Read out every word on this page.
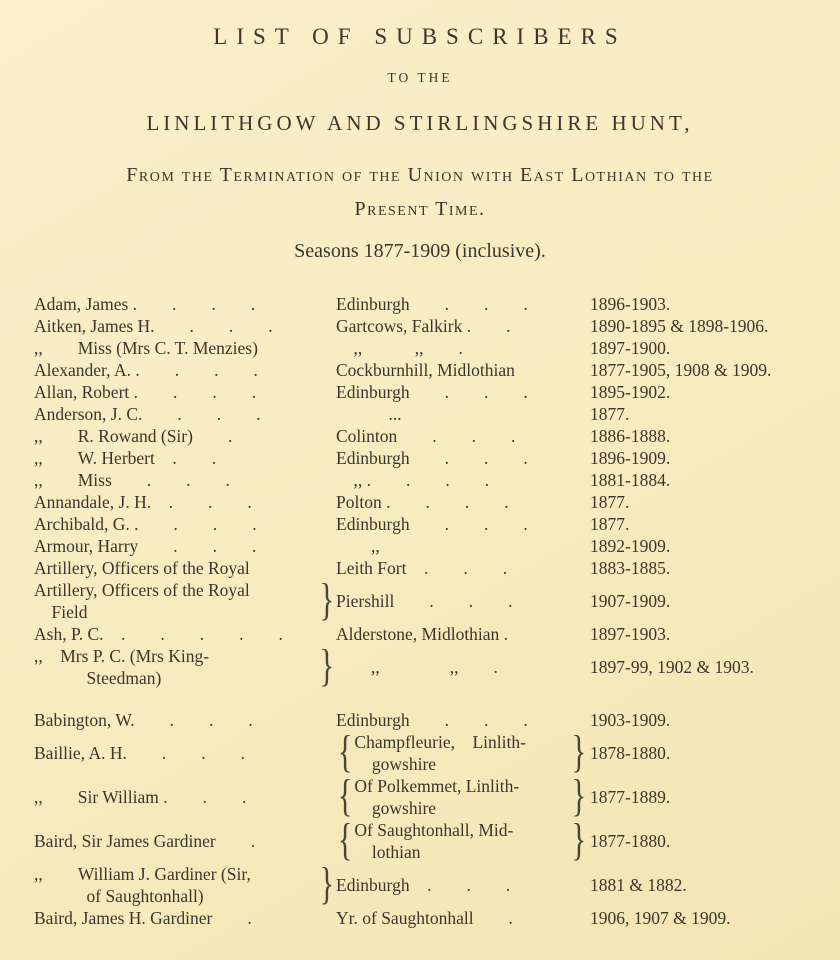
LIST OF SUBSCRIBERS
TO THE
LINLITHGOW AND STIRLINGSHIRE HUNT,
From the Termination of the Union with East Lothian to the
Present Time.
Seasons 1877-1909 (inclusive).
Adam, James .  .  .  .	Edinburgh  .  .  .	1896-1903.
Aitken, James H.  .  .  .	Gartcows, Falkirk .  .	1890-1895 & 1898-1906.
,,  Miss (Mrs C. T. Menzies)	 ,,   ,,  .	1897-1900.
Alexander, A. .  .  .  .	Cockburnhill, Midlothian	1877-1905, 1908 & 1909.
Allan, Robert .  .  .  .	Edinburgh  .  .  .	1895-1902.
Anderson, J. C.  .  .  .	   ...	1877.
,,  R. Rowand (Sir)  .	Colinton  .  .  .	1886-1888.
,,  W. Herbert .  .	Edinburgh  .  .  .	1896-1909.
,,  Miss  .  .  .	 ,, .  .  .  .	1881-1884.
Annandale, J. H. .  .  .	Polton .  .  .  .	1877.
Archibald, G. .  .  .  .	Edinburgh  .  .  .	1877.
Armour, Harry  .  .  .	  ,,	1892-1909.
Artillery, Officers of the Royal	Leith Fort .  .  .	1883-1885.
Artillery, Officers of the Royal
 Field	} Piershill  .  .  .	1907-1909.
Ash, P. C. .  .  .  .  .	Alderstone, Midlothian .	1897-1903.
,, Mrs P. C. (Mrs King-
   Steedman)	}   ,,    ,,  .	1897-99, 1902 & 1903.
Babington, W.  .  .  .	Edinburgh  .  .  .	1903-1909.
Baillie, A. H.  .  .  .	{ Champfleurie, Linlith-
 gowshire	} 1878-1880.
,,  Sir William .  .  .	{ Of Polkemmet, Linlith-
 gowshire	} 1877-1889.
Baird, Sir James Gardiner  .	{ Of Saughtonhall, Mid-
 lothian	} 1877-1880.
,,  William J. Gardiner (Sir,
   of Saughtonhall)	} Edinburgh .  .  .	1881 & 1882.
Baird, James H. Gardiner  .	Yr. of Saughtonhall  .	1906, 1907 & 1909.
